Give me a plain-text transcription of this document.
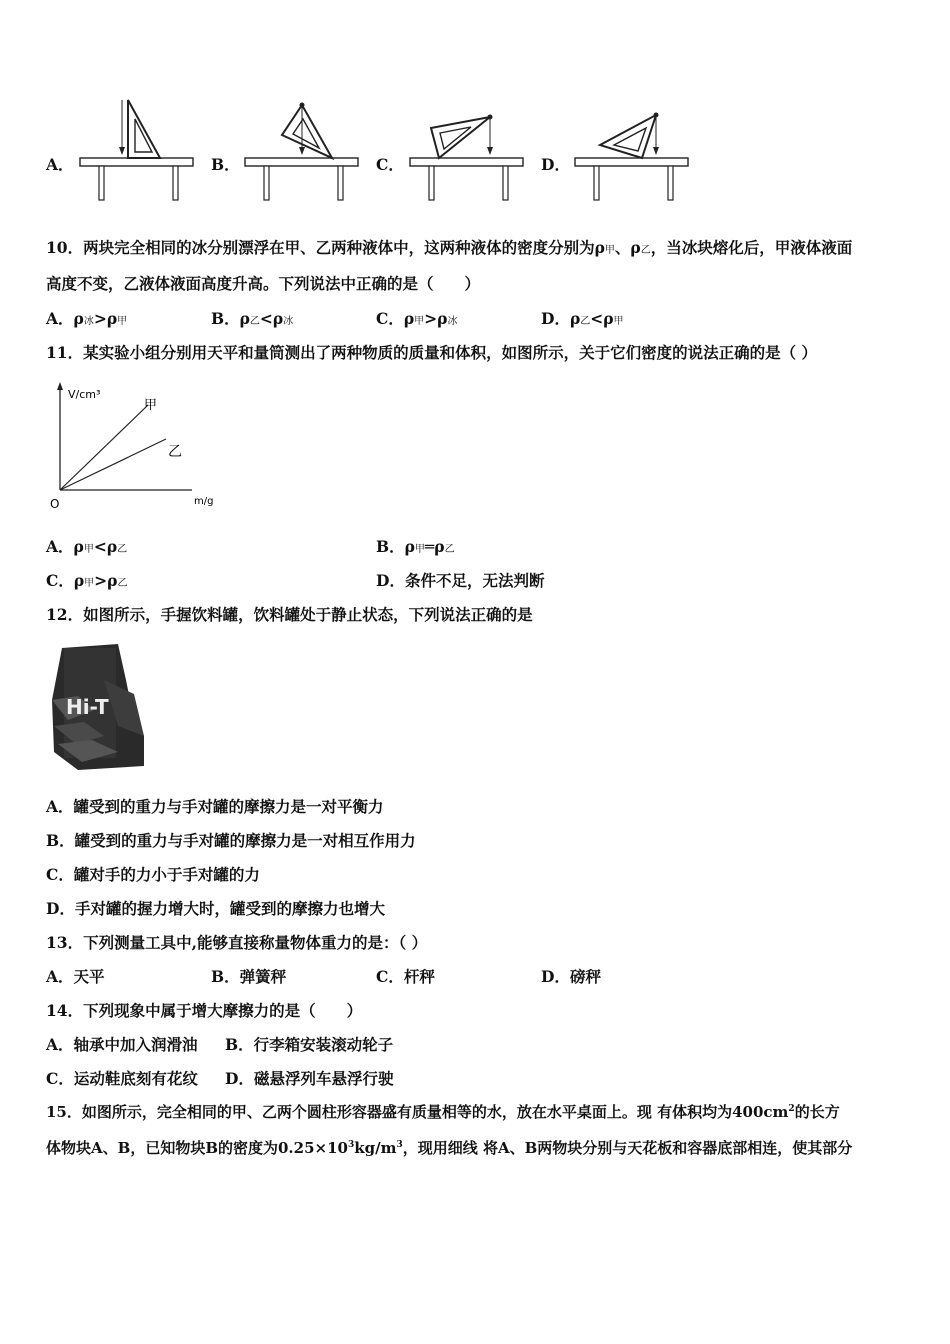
A．	B．	C．	D．
10．两块完全相同的冰分别漂浮在甲、乙两种液体中，这两种液体的密度分别为ρ甲、ρ乙，当冰块熔化后，甲液体液面
高度不变，乙液体液面高度升高。下列说法中正确的是（　　）
A．ρ冰>ρ甲	B．ρ乙<ρ冰	C．ρ甲>ρ冰	D．ρ乙<ρ甲
11．某实验小组分别用天平和量筒测出了两种物质的质量和体积，如图所示，关于它们密度的说法正确的是（ ）
V/cm³
m/g
O
甲
乙
A．ρ甲<ρ乙	B．ρ甲═ρ乙
C．ρ甲>ρ乙	D．条件不足，无法判断
12．如图所示，手握饮料罐，饮料罐处于静止状态，下列说法正确的是
Hi-T
A．罐受到的重力与手对罐的摩擦力是一对平衡力
B．罐受到的重力与手对罐的摩擦力是一对相互作用力
C．罐对手的力小于手对罐的力
D．手对罐的握力增大时，罐受到的摩擦力也增大
13．下列测量工具中,能够直接称量物体重力的是：（ ）
A．天平	B．弹簧秤	C．杆秤	D．磅秤
14．下列现象中属于增大摩擦力的是（　　）
A．轴承中加入润滑油 B．行李箱安装滚动轮子
C．运动鞋底刻有花纹 D．磁悬浮列车悬浮行驶
15．如图所示，完全相同的甲、乙两个圆柱形容器盛有质量相等的水，放在水平桌面上。现 有体积均为$400cm^2$的长方
体物块A、B，已知物块B的密度为$0.25\times 10^3kg/m^3$，现用细线 将A、B两物块分别与天花板和容器底部相连，使其部分
